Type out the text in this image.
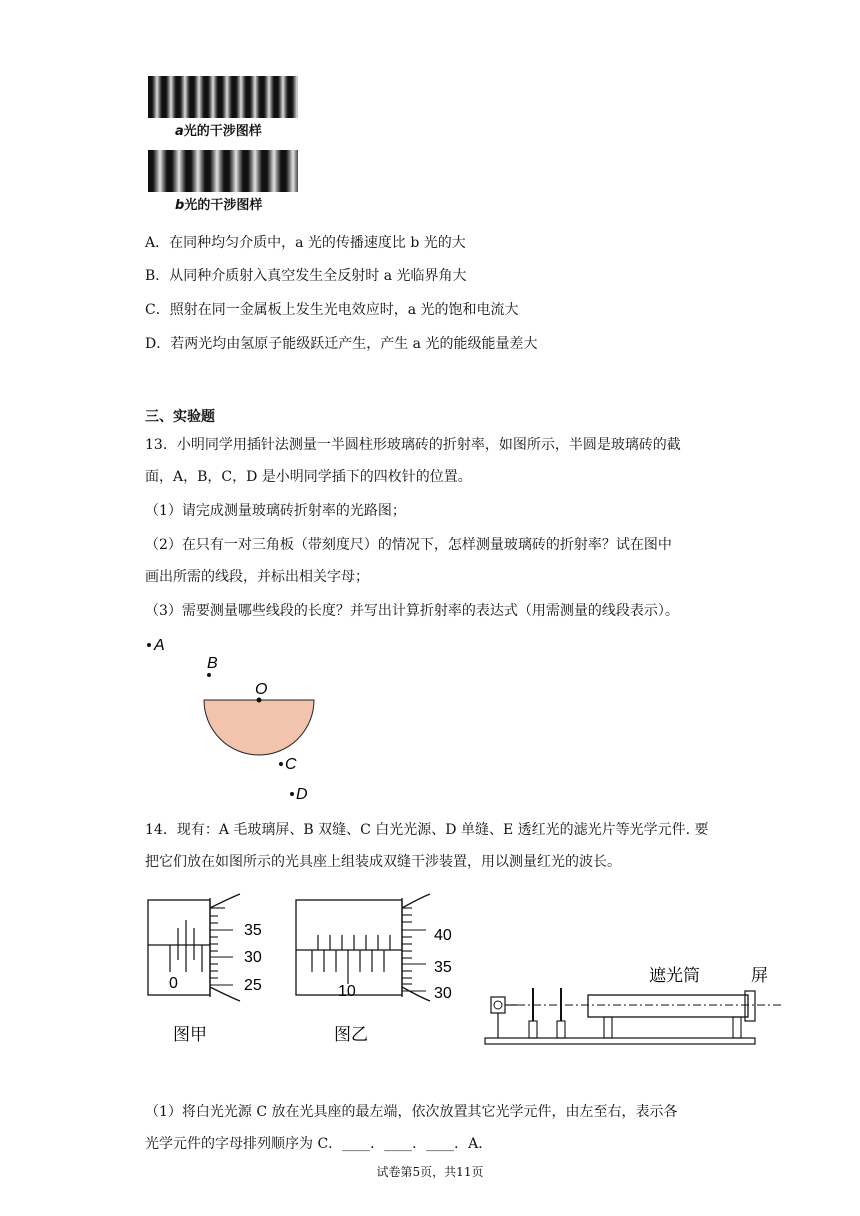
a光的干涉图样
b光的干涉图样
A．在同种均匀介质中，a 光的传播速度比 b 光的大
B．从同种介质射入真空发生全反射时 a 光临界角大
C．照射在同一金属板上发生光电效应时，a 光的饱和电流大
D．若两光均由氢原子能级跃迁产生，产生 a 光的能级能量差大
三、实验题
13．小明同学用插针法测量一半圆柱形玻璃砖的折射率，如图所示，半圆是玻璃砖的截
面，A，B，C，D 是小明同学插下的四枚针的位置。
（1）请完成测量玻璃砖折射率的光路图；
（2）在只有一对三角板（带刻度尺）的情况下，怎样测量玻璃砖的折射率？试在图中
画出所需的线段，并标出相关字母；
（3）需要测量哪些线段的长度？并写出计算折射率的表达式（用需测量的线段表示）。
A
B
O
C
D
14．现有：A 毛玻璃屏、B 双缝、C 白光光源、D 单缝、E 透红光的滤光片等光学元件. 要
把它们放在如图所示的光具座上组装成双缝干涉装置，用以测量红光的波长。
35
30
25
0
图甲
40
35
30
10
图乙
遮光筒	屏
（1）将白光光源 C 放在光具座的最左端，依次放置其它光学元件，由左至右，表示各
光学元件的字母排列顺序为 C．____．____．____．A．
试卷第5页，共11页
